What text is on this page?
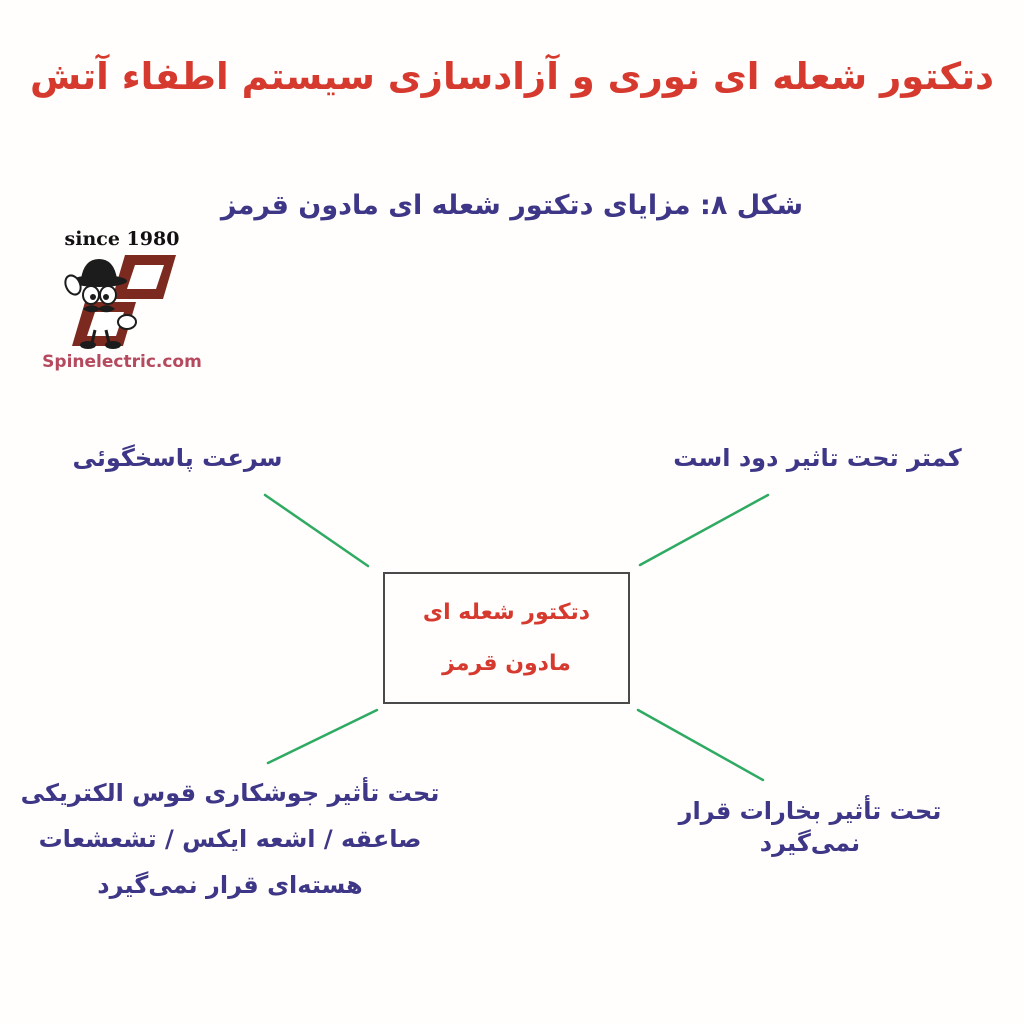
دتکتور شعله ای نوری و آزادسازی سیستم اطفاء آتش
شکل ۸: مزایای دتکتور شعله ای مادون قرمز
since 1980
Spinelectric.com
دتکتور شعله ای
مادون قرمز
سرعت پاسخگوئی	کمتر تحت تاثیر دود است
تحت تأثیر جوشکاری قوس الکتریکی
صاعقه / اشعه ایکس / تشعشعات
هسته‌ای قرار نمی‌گیرد
تحت تأثیر بخارات قرار نمی‌گیرد
